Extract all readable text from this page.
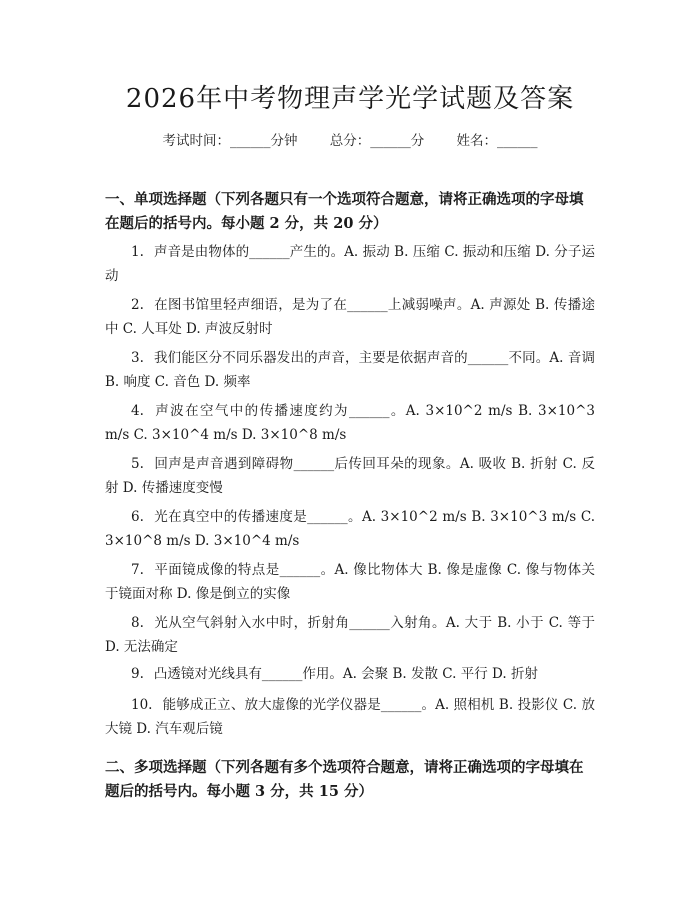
2026年中考物理声学光学试题及答案
考试时间：______分钟 总分：______分 姓名：______
一、单项选择题（下列各题只有一个选项符合题意，请将正确选项的字母填在题后的括号内。每小题 2 分，共 20 分）
1. 声音是由物体的______产生的。A. 振动 B. 压缩 C. 振动和压缩 D. 分子运动
2. 在图书馆里轻声细语，是为了在______上减弱噪声。A. 声源处 B. 传播途中 C. 人耳处 D. 声波反射时
3. 我们能区分不同乐器发出的声音，主要是依据声音的______不同。A. 音调 B. 响度 C. 音色 D. 频率
4. 声波在空气中的传播速度约为______。A. 3×10^2 m/s B. 3×10^3 m/s C. 3×10^4 m/s D. 3×10^8 m/s
5. 回声是声音遇到障碍物______后传回耳朵的现象。A. 吸收 B. 折射 C. 反射 D. 传播速度变慢
6. 光在真空中的传播速度是______。A. 3×10^2 m/s B. 3×10^3 m/s C. 3×10^8 m/s D. 3×10^4 m/s
7. 平面镜成像的特点是______。A. 像比物体大 B. 像是虚像 C. 像与物体关于镜面对称 D. 像是倒立的实像
8. 光从空气斜射入水中时，折射角______入射角。A. 大于 B. 小于 C. 等于 D. 无法确定
9. 凸透镜对光线具有______作用。A. 会聚 B. 发散 C. 平行 D. 折射
10. 能够成正立、放大虚像的光学仪器是______。A. 照相机 B. 投影仪 C. 放大镜 D. 汽车观后镜
二、多项选择题（下列各题有多个选项符合题意，请将正确选项的字母填在题后的括号内。每小题 3 分，共 15 分）
